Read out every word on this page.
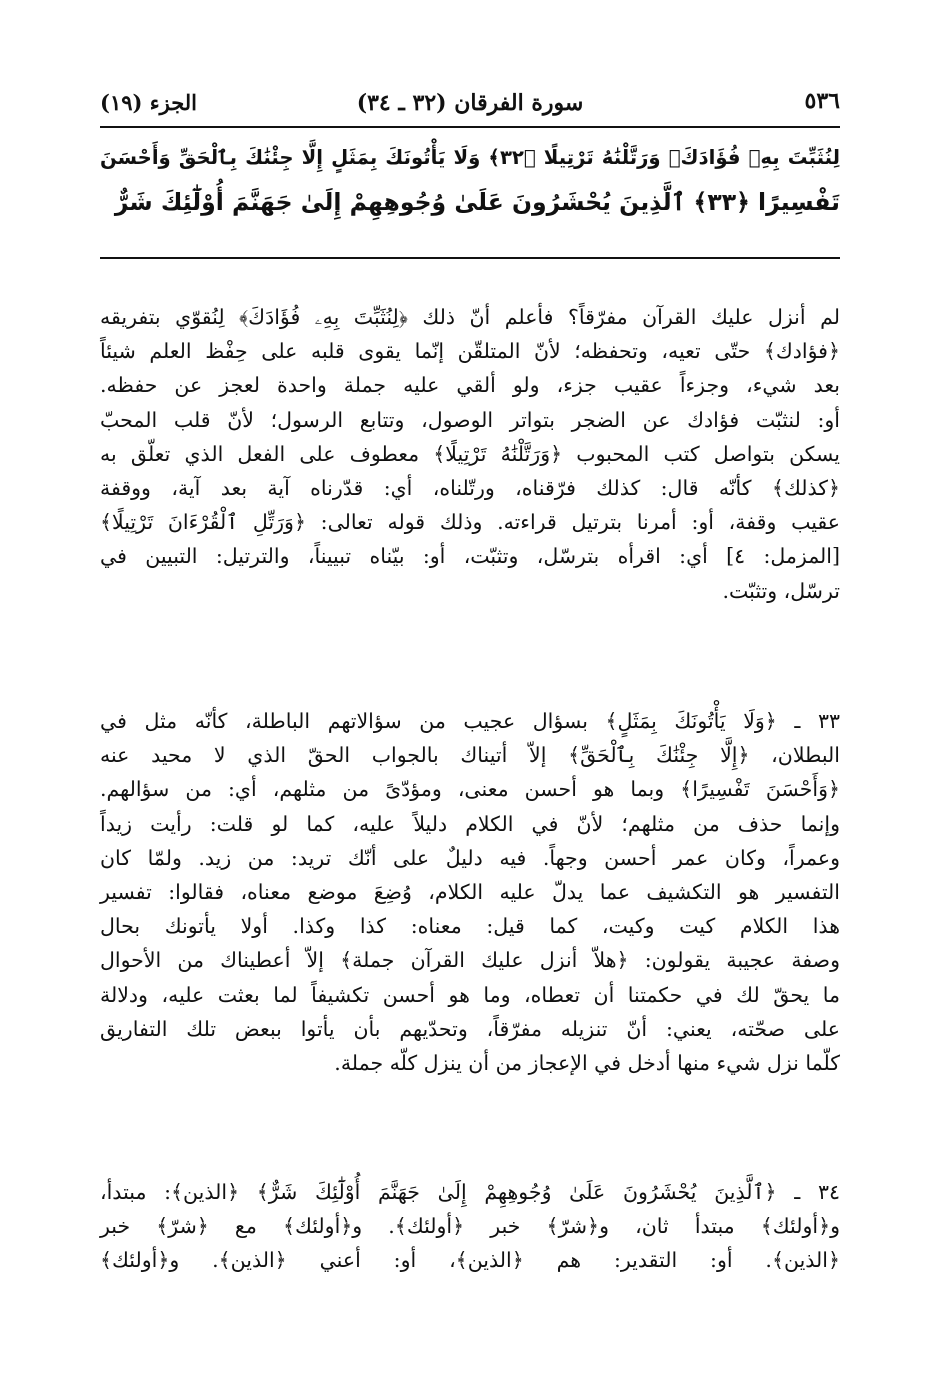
الجزء (١٩)	سورة الفرقان (٣٢ ـ ٣٤)	٥٣٦
لِنُثَبِّتَ بِهِۦ فُؤَادَكَۖ وَرَتَّلْنَٰهُ تَرْتِيلًا ﴿٣٢﴾ وَلَا يَأْتُونَكَ بِمَثَلٍ إِلَّا جِئْنَٰكَ بِٱلْحَقِّ وَأَحْسَنَ
تَفْسِيرًا ﴿٣٣﴾ ٱلَّذِينَ يُحْشَرُونَ عَلَىٰ وُجُوهِهِمْ إِلَىٰ جَهَنَّمَ أُوْلَٰٓئِكَ شَرٌّ
لم أنزل عليك القرآن مفرّقاً؟ فأعلم أنّ ذلك ﴿لِنُثَبِّتَ بِهِۦ فُؤَادَكَ﴾ لِنُقوّي بتفريقه
﴿فؤادك﴾ حتّى تعيه، وتحفظه؛ لأنّ المتلقّن إنّما يقوى قلبه على حِفْظ العلم شيئاً
بعد شيء، وجزءاً عقيب جزء، ولو ألقي عليه جملة واحدة لعجز عن حفظه.
أو: لنثبّت فؤادك عن الضجر بتواتر الوصول، وتتابع الرسول؛ لأنّ قلب المحبّ
يسكن بتواصل كتب المحبوب ﴿وَرَتَّلْنَٰهُ تَرْتِيلًا﴾ معطوف على الفعل الذي تعلّق به
﴿كذلك﴾ كأنّه قال: كذلك فرّقناه، ورتّلناه، أي: قدّرناه آية بعد آية، ووقفة
عقيب وقفة، أو: أمرنا بترتيل قراءته. وذلك قوله تعالى: ﴿وَرَتِّلِ ٱلْقُرْءَانَ تَرْتِيلًا﴾
[المزمل: ٤] أي: اقرأه بترسّل، وتثبّت، أو: بيّناه تبييناً، والترتيل: التبيين في
ترسّل، وتثبّت.
٣٣ ـ ﴿وَلَا يَأْتُونَكَ بِمَثَلٍ﴾ بسؤال عجيب من سؤالاتهم الباطلة، كأنّه مثل في
البطلان، ﴿إِلَّا جِئْنَٰكَ بِٱلْحَقِّ﴾ إلاّ أتيناك بالجواب الحقّ الذي لا محيد عنه
﴿وَأَحْسَنَ تَفْسِيرًا﴾ وبما هو أحسن معنى، ومؤدّىً من مثلهم، أي: من سؤالهم.
وإنما حذف من مثلهم؛ لأنّ في الكلام دليلاً عليه، كما لو قلت: رأيت زيداً
وعمراً، وكان عمر أحسن وجهاً. فيه دليلٌ على أنّك تريد: من زيد. ولمّا كان
التفسير هو التكشيف عما يدلّ عليه الكلام، وُضِعَ موضع معناه، فقالوا: تفسير
هذا الكلام كيت وكيت، كما قيل: معناه: كذا وكذا. أولا يأتونك بحال
وصفة عجيبة يقولون: ﴿هلاّ أنزل عليك القرآن جملة﴾ إلاّ أعطيناك من الأحوال
ما يحقّ لك في حكمتنا أن تعطاه، وما هو أحسن تكشيفاً لما بعثت عليه، ودلالة
على صحّته، يعني: أنّ تنزيله مفرّقاً، وتحدّيهم بأن يأتوا ببعض تلك التفاريق
كلّما نزل شيء منها أدخل في الإعجاز من أن ينزل كلّه جملة.
٣٤ ـ ﴿ٱلَّذِينَ يُحْشَرُونَ عَلَىٰ وُجُوهِهِمْ إِلَىٰ جَهَنَّمَ أُوْلَٰٓئِكَ شَرٌّ﴾ ﴿الذين﴾: مبتدأ،
و﴿أولئك﴾ مبتدأ ثان، و﴿شرّ﴾ خبر ﴿أولئك﴾. و﴿أولئك﴾ مع ﴿شرّ﴾ خبر
﴿الذين﴾. أو: التقدير: هم ﴿الذين﴾، أو: أعني ﴿الذين﴾. و﴿أولئك﴾
